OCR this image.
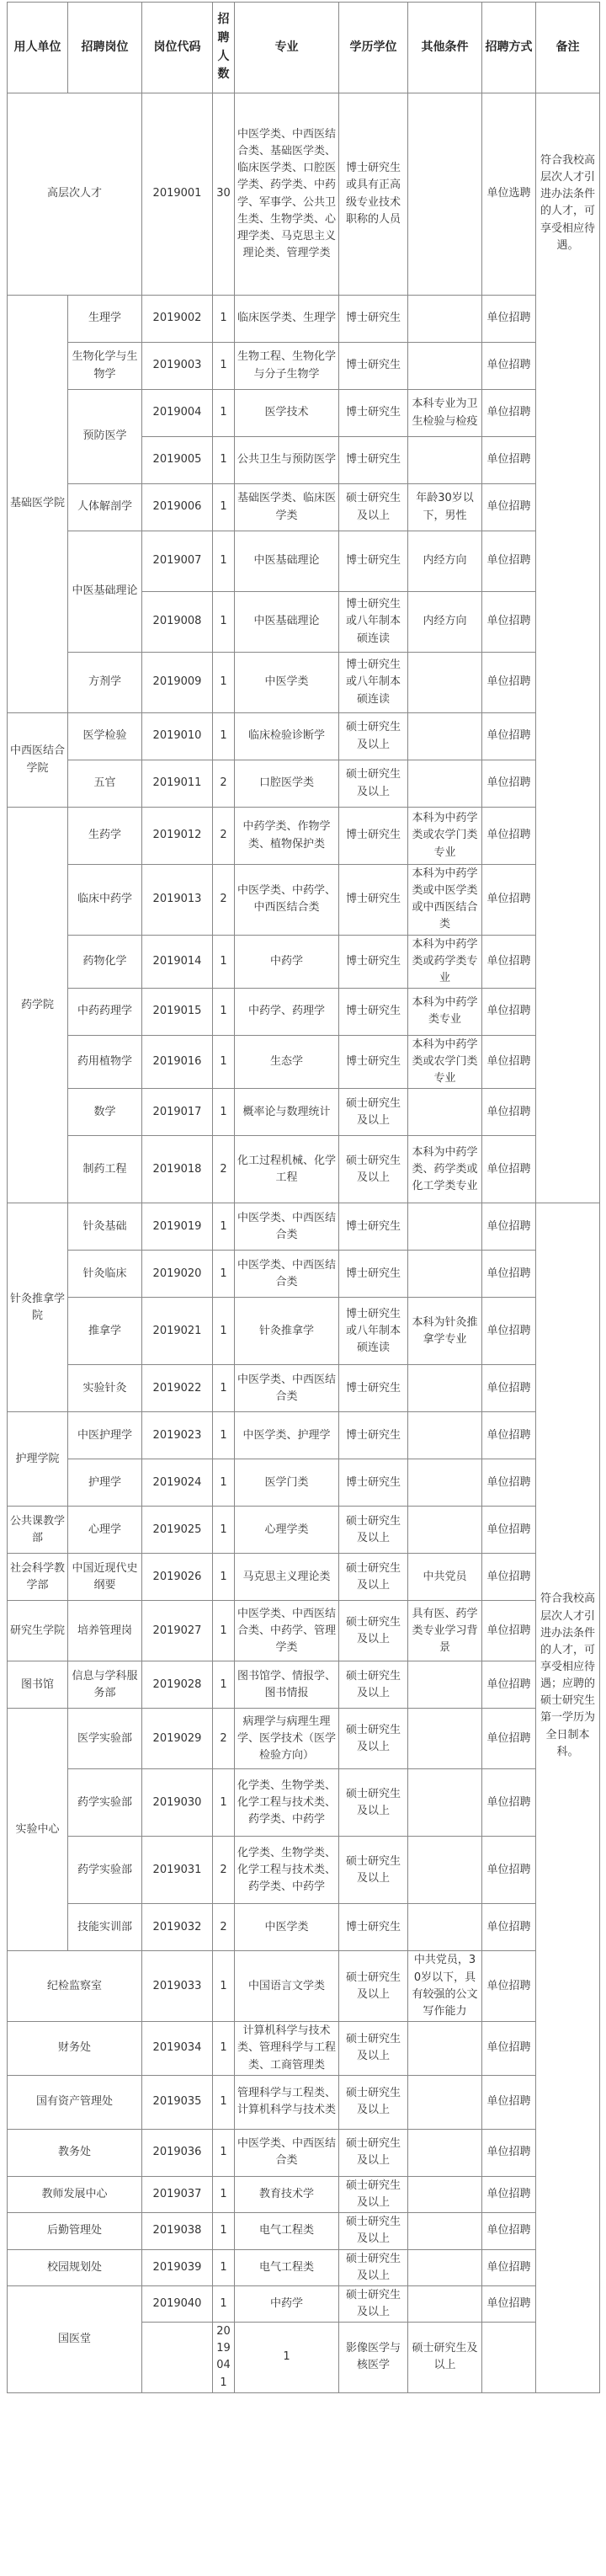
用人单位	招聘岗位	岗位代码	招聘人数	专业	学历学位	其他条件	招聘方式	备注	
高层次人才		2019001	30	中医学类、中西医结合类、基础医学类、临床医学类、口腔医学类、药学类、中药学、军事学、公共卫生类、生物学类、心理学类、马克思主义理论类、管理学类	博士研究生或具有正高级专业技术职称的人员		单位选聘	符合我校高层次人才引进办法条件的人才，可享受相应待遇。	
基础医学院	生理学	2019002	1	临床医学类、生理学	博士研究生		单位招聘		
	生物化学与生物学	2019003	1	生物工程、生物化学与分子生物学	博士研究生		单位招聘		
	预防医学	2019004	1	医学技术	博士研究生	本科专业为卫生检验与检疫	单位招聘		
		2019005	1	公共卫生与预防医学	博士研究生		单位招聘		
	人体解剖学	2019006	1	基础医学类、临床医学类	硕士研究生及以上	年龄30岁以下，男性	单位招聘		
	中医基础理论	2019007	1	中医基础理论	博士研究生	内经方向	单位招聘		
		2019008	1	中医基础理论	博士研究生或八年制本硕连读	内经方向	单位招聘		
	方剂学	2019009	1	中医学类	博士研究生或八年制本硕连读		单位招聘		
中西医结合学院	医学检验	2019010	1	临床检验诊断学	硕士研究生及以上		单位招聘		
	五官	2019011	2	口腔医学类	硕士研究生及以上		单位招聘		
药学院	生药学	2019012	2	中药学类、作物学类、植物保护类	博士研究生	本科为中药学类或农学门类专业	单位招聘		
	临床中药学	2019013	2	中医学类、中药学、中西医结合类	博士研究生	本科为中药学类或中医学类或中西医结合类	单位招聘		
	药物化学	2019014	1	中药学	博士研究生	本科为中药学类或药学类专业	单位招聘		
	中药药理学	2019015	1	中药学、药理学	博士研究生	本科为中药学类专业	单位招聘		
	药用植物学	2019016	1	生态学	博士研究生	本科为中药学类或农学门类专业	单位招聘		
	数学	2019017	1	概率论与数理统计	硕士研究生及以上		单位招聘		
	制药工程	2019018	2	化工过程机械、化学工程	硕士研究生及以上	本科为中药学类、药学类或化工学类专业	单位招聘		
针灸推拿学院	针灸基础	2019019	1	中医学类、中西医结合类	博士研究生		单位招聘	符合我校高层次人才引进办法条件的人才，可享受相应待遇；应聘的硕士研究生第一学历为全日制本科。	
	针灸临床	2019020	1	中医学类、中西医结合类	博士研究生		单位招聘		
	推拿学	2019021	1	针灸推拿学	博士研究生或八年制本硕连读	本科为针灸推拿学专业	单位招聘		
	实验针灸	2019022	1	中医学类、中西医结合类	博士研究生		单位招聘		
护理学院	中医护理学	2019023	1	中医学类、护理学	博士研究生		单位招聘		
	护理学	2019024	1	医学门类	博士研究生		单位招聘		
公共课教学部	心理学	2019025	1	心理学类	硕士研究生及以上		单位招聘		
社会科学教学部	中国近现代史纲要	2019026	1	马克思主义理论类	硕士研究生及以上	中共党员	单位招聘		
研究生学院	培养管理岗	2019027	1	中医学类、中西医结合类、中药学、管理学类	硕士研究生及以上	具有医、药学类专业学习背景	单位招聘		
图书馆	信息与学科服务部	2019028	1	图书馆学、情报学、图书情报	硕士研究生及以上		单位招聘		
实验中心	医学实验部	2019029	2	病理学与病理生理学、医学技术（医学检验方向）	硕士研究生及以上		单位招聘		
	药学实验部	2019030	1	化学类、生物学类、化学工程与技术类、药学类、中药学	硕士研究生及以上		单位招聘		
	药学实验部	2019031	2	化学类、生物学类、化学工程与技术类、药学类、中药学	硕士研究生及以上		单位招聘		
	技能实训部	2019032	2	中医学类	博士研究生		单位招聘		
纪检监察室		2019033	1	中国语言文学类	硕士研究生及以上	中共党员，30岁以下，具有较强的公文写作能力	单位招聘		
财务处		2019034	1	计算机科学与技术类、管理科学与工程类、工商管理类	硕士研究生及以上		单位招聘		
国有资产管理处		2019035	1	管理科学与工程类、计算机科学与技术类	硕士研究生及以上		单位招聘		
教务处		2019036	1	中医学类、中西医结合类	硕士研究生及以上		单位招聘		
教师发展中心		2019037	1	教育技术学	硕士研究生及以上		单位招聘		
后勤管理处		2019038	1	电气工程类	硕士研究生及以上		单位招聘		
校园规划处		2019039	1	电气工程类	硕士研究生及以上		单位招聘		
国医堂		2019040	1	中药学	硕士研究生及以上		单位招聘		
			2019041	1	影像医学与核医学	硕士研究生及以上		
